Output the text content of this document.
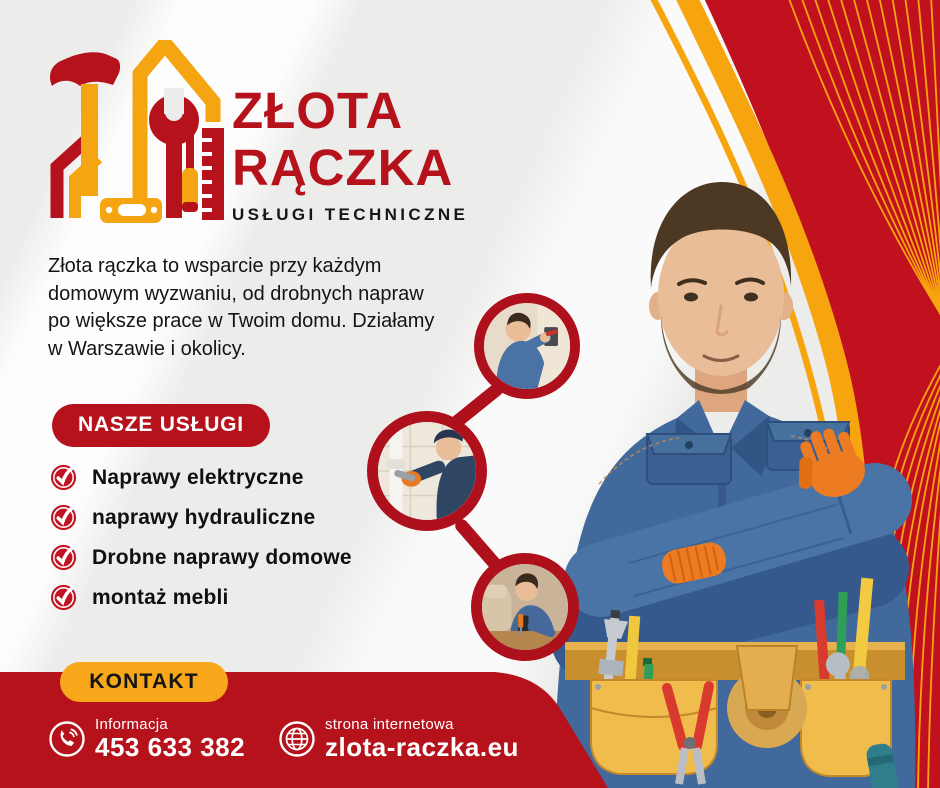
ZŁOTA
RĄCZKA
USŁUGI TECHNICZNE
Złota rączka to wsparcie przy każdym
domowym wyzwaniu, od drobnych napraw
po większe prace w Twoim domu. Działamy
w Warszawie i okolicy.
NASZE USŁUGI
Naprawy elektryczne
naprawy hydrauliczne
Drobne naprawy domowe
montaż mebli
KONTAKT
Informacja
453 633 382
strona internetowa
zlota-raczka.eu
